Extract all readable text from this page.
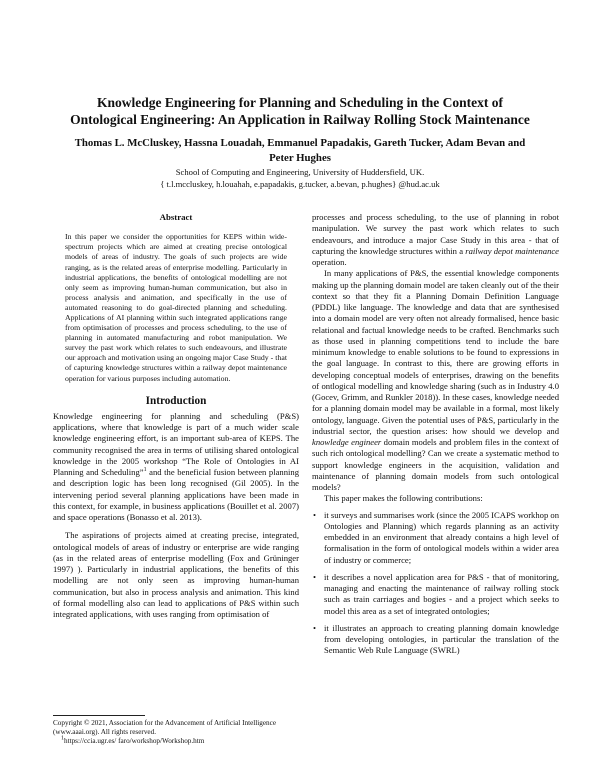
Knowledge Engineering for Planning and Scheduling in the Context of
Ontological Engineering: An Application in Railway Rolling Stock Maintenance
Thomas L. McCluskey, Hassna Louadah, Emmanuel Papadakis, Gareth Tucker, Adam Bevan and
Peter Hughes
School of Computing and Engineering, University of Huddersfield, UK.
{ t.l.mccluskey, h.louahah, e.papadakis, g.tucker, a.bevan, p.hughes} @hud.ac.uk
Abstract

In this paper we consider the opportunities for KEPS within wide-spectrum projects which are aimed at creating precise ontological models of areas of industry. The goals of such projects are wide ranging, as is the related areas of enterprise modelling. Particularly in industrial applications, the benefits of ontological modelling are not only seem as improving human-human communication, but also in process analysis and animation, and specifically in the use of automated reasoning to do goal-directed planning and scheduling. Applications of AI planning within such integrated applications range from optimisation of processes and process scheduling, to the use of planning in automated manufacturing and robot manipulation. We survey the past work which relates to such endeavours, and illustrate our approach and motivation using an ongoing major Case Study - that of capturing knowledge structures within a railway depot maintenance operation for various purposes including automation.

Introduction

Knowledge engineering for planning and scheduling (P&S) applications, where that knowledge is part of a much wider scale knowledge engineering effort, is an important sub-area of KEPS. The community recognised the area in terms of utilising shared ontological knowledge in the 2005 workshop “The Role of Ontologies in AI Planning and Scheduling”$^1$ and the beneficial fusion between planning and description logic has been long recognised (Gil 2005). In the intervening period several planning applications have been made in this context, for example, in business applications (Bouillet et al. 2007) and space operations (Bonasso et al. 2013).

The aspirations of projects aimed at creating precise, integrated, ontological models of areas of industry or enterprise are wide ranging (as in the related areas of enterprise modelling (Fox and Grüninger 1997) ). Particularly in industrial applications, the benefits of this modelling are not only seen as improving human-human communication, but also in process analysis and animation. This kind of formal modelling also can lead to applications of P&S within such integrated applications, with uses ranging from optimisation of

Copyright © 2021, Association for the Advancement of Artificial Intelligence (www.aaai.org). All rights reserved.
$^1$https://ccia.ugr.es/ faro/workshop/Workshop.htm

processes and process scheduling, to the use of planning in robot manipulation. We survey the past work which relates to such endeavours, and introduce a major Case Study in this area - that of capturing the knowledge structures within a railway depot maintenance operation.

In many applications of P&S, the essential knowledge components making up the planning domain model are taken cleanly out of the their context so that they fit a Planning Domain Definition Language (PDDL) like language. The knowledge and data that are synthesised into a domain model are very often not already formalised, hence basic relational and factual knowledge needs to be crafted. Benchmarks such as those used in planning competitions tend to include the bare minimum knowledge to enable solutions to be found to expressions in the goal language. In contrast to this, there are growing efforts in developing conceptual models of enterprises, drawing on the benefits of ontlogical modelling and knowledge sharing (such as in Industry 4.0 (Gocev, Grimm, and Runkler 2018)). In these cases, knowledge needed for a planning domain model may be available in a formal, most likely ontology, language. Given the potential uses of P&S, particularly in the industrial sector, the question arises: how should we develop and knowledge engineer domain models and problem files in the context of such rich ontological modelling? Can we create a systematic method to support knowledge engineers in the acquisition, validation and maintenance of planning domain models from such ontological models?

This paper makes the following contributions:

• it surveys and summarises work (since the 2005 ICAPS workhop on Ontologies and Planning) which regards planning as an activity embedded in an environment that already contains a high level of formalisation in the form of ontological models within a wider area of industry or commerce;
• it describes a novel application area for P&S - that of monitoring, managing and enacting the maintenance of railway rolling stock such as train carriages and bogies - and a project which seeks to model this area as a set of integrated ontologies;
• it illustrates an approach to creating planning domain knowledge from developing ontologies, in particular the translation of the Semantic Web Rule Language (SWRL)
